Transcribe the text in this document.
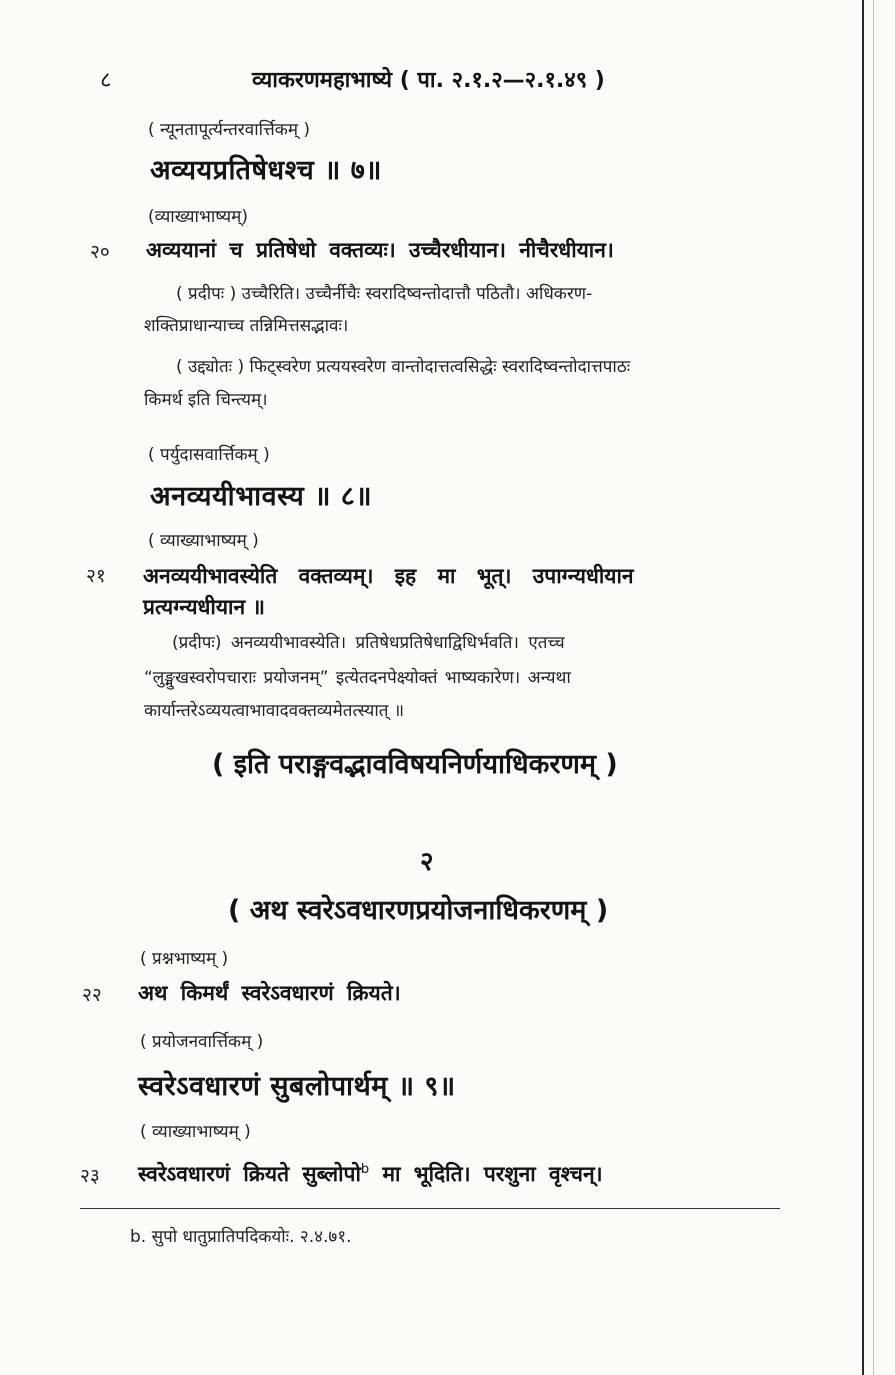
८	व्याकरणमहाभाष्ये ( पा. २.१.२—२.१.४९ )
( न्यूनतापूर्त्यन्तरवार्त्तिकम् )
अव्ययप्रतिषेधश्च ॥ ७॥
(व्याख्याभाष्यम्)
२० अव्ययानां च प्रतिषेधो वक्तव्यः। उच्चैरधीयान। नीचैरधीयान।
( प्रदीपः ) उच्चैरिति। उच्चैर्नीचैः स्वरादिष्वन्तोदात्तौ पठितौ। अधिकरण-
शक्तिप्राधान्याच्च तन्निमित्तसद्भावः।
( उद्द्योतः ) फिट्स्वरेण प्रत्ययस्वरेण वान्तोदात्तत्वसिद्धेः स्वरादिष्वन्तोदात्तपाठः
किमर्थ इति चिन्त्यम्।
( पर्युदासवार्त्तिकम् )
अनव्ययीभावस्य ॥ ८॥
( व्याख्याभाष्यम् )
२१ अनव्ययीभावस्येति वक्तव्यम्। इह मा भूत्। उपाग्न्यधीयान
प्रत्यग्न्यधीयान ॥
(प्रदीपः) अनव्ययीभावस्येति। प्रतिषेधप्रतिषेधाद्विधिर्भवति। एतच्च
“लुङ्मुखस्वरोपचाराः प्रयोजनम्” इत्येतदनपेक्ष्योक्तं भाष्यकारेण। अन्यथा
कार्यान्तरेऽव्ययत्वाभावादवक्तव्यमेतत्स्यात् ॥
( इति पराङ्गवद्भावविषयनिर्णयाधिकरणम् )
२
( अथ स्वरेऽवधारणप्रयोजनाधिकरणम् )
( प्रश्नभाष्यम् )
२२ अथ किमर्थं स्वरेऽवधारणं क्रियते।
( प्रयोजनवार्त्तिकम् )
स्वरेऽवधारणं सुबलोपार्थम् ॥ ९॥
( व्याख्याभाष्यम् )
२३ स्वरेऽवधारणं क्रियते सुब्लोपो$^b$ मा भूदिति। परशुना वृश्चन्।
b. सुपो धातुप्रातिपदिकयोः. २.४.७१.
